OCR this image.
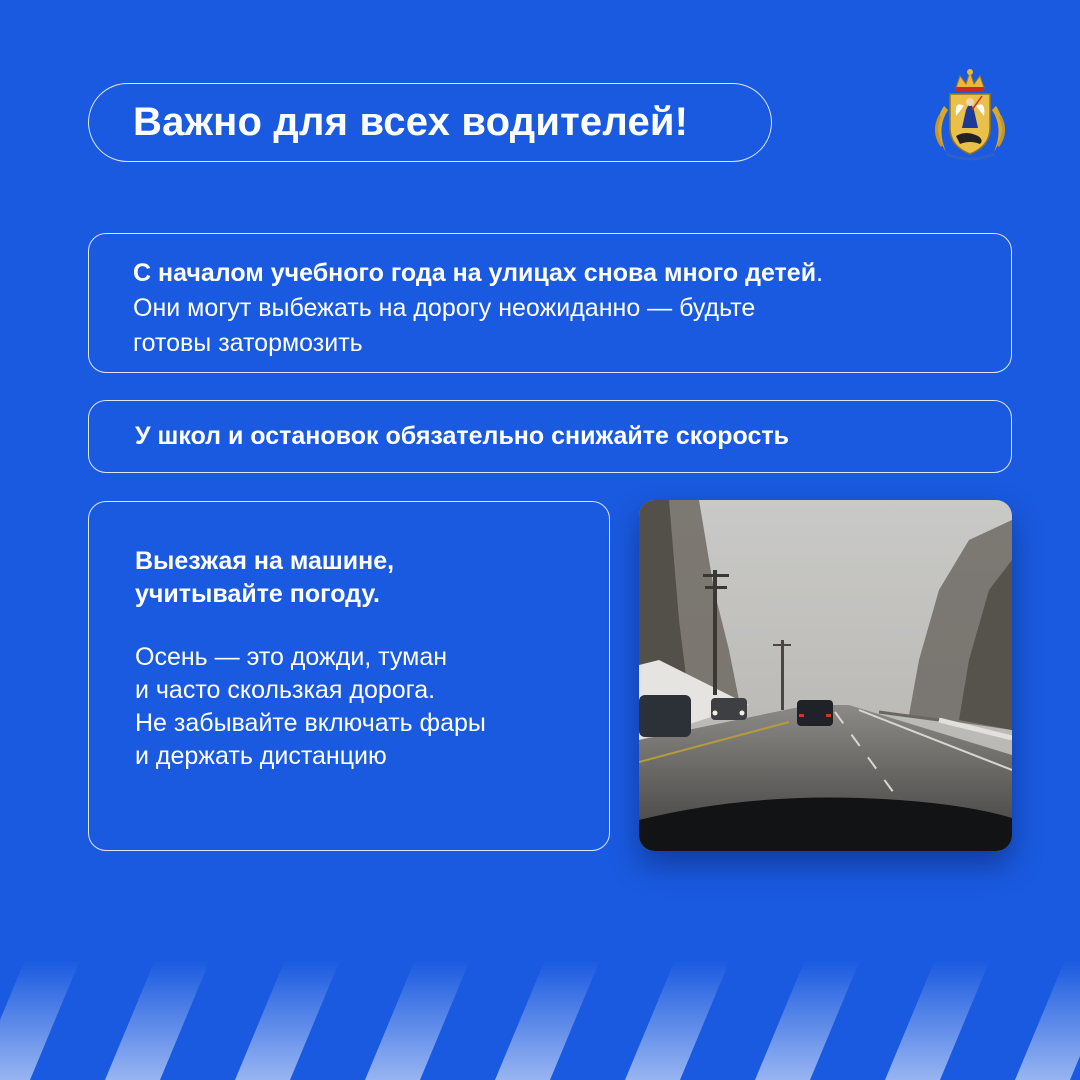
Важно для всех водителей!
С началом учебного года на улицах снова много детей.
Они могут выбежать на дорогу неожиданно — будьте
готовы затормозить
У школ и остановок обязательно снижайте скорость
Выезжая на машине,
учитывайте погоду.
Осень — это дожди, туман
и часто скользкая дорога.
Не забывайте включать фары
и держать дистанцию
